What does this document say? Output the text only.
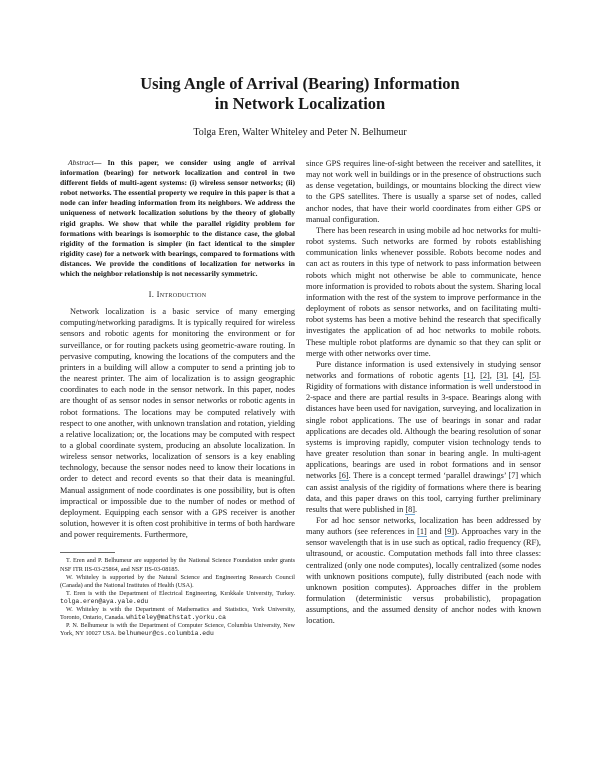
Using Angle of Arrival (Bearing) Information
in Network Localization
Tolga Eren, Walter Whiteley and Peter N. Belhumeur

Abstract— In this paper, we consider using angle of arrival information (bearing) for network localization and control in two different fields of multi-agent systems: (i) wireless sensor networks; (ii) robot networks. The essential property we require in this paper is that a node can infer heading information from its neighbors. We address the uniqueness of network localization solutions by the theory of globally rigid graphs. We show that while the parallel rigidity problem for formations with bearings is isomorphic to the distance case, the global rigidity of the formation is simpler (in fact identical to the simpler rigidity case) for a network with bearings, compared to formations with distances. We provide the conditions of localization for networks in which the neighbor relationship is not necessarily symmetric.

I. Introduction

Network localization is a basic service of many emerging computing/networking paradigms. It is typically required for wireless sensors and robotic agents for monitoring the environment or for surveillance, or for routing packets using geometric-aware routing. In pervasive computing, knowing the locations of the computers and the printers in a building will allow a computer to send a printing job to the nearest printer. The aim of localization is to assign geographic coordinates to each node in the sensor network. In this paper, nodes are thought of as sensor nodes in sensor networks or robotic agents in robot formations. The locations may be computed relatively with respect to one another, with unknown translation and rotation, yielding a relative localization; or, the locations may be computed with respect to a global coordinate system, producing an absolute localization. In wireless sensor networks, localization of sensors is a key enabling technology, because the sensor nodes need to know their locations in order to detect and record events so that their data is meaningful. Manual assignment of node coordinates is one possibility, but is often impractical or impossible due to the number of nodes or method of deployment. Equipping each sensor with a GPS receiver is another solution, however it is often cost prohibitive in terms of both hardware and power requirements. Furthermore,

T. Eren and P. Belhumeur are supported by the National Science Foundation under grants NSF ITR IIS-03-25864, and NSF IIS-03-08185.

W. Whiteley is supported by the Natural Science and Engineering Research Council (Canada) and the National Institutes of Health (USA).

T. Eren is with the Department of Electrical Engineering, Kırıkkale University, Turkey. tolga.eren@aya.yale.edu

W. Whiteley is with the Department of Mathematics and Statistics, York University, Toronto, Ontario, Canada. whiteley@mathstat.yorku.ca

P. N. Belhumeur is with the Department of Computer Science, Columbia University, New York, NY 10027 USA. belhumeur@cs.columbia.edu

since GPS requires line-of-sight between the receiver and satellites, it may not work well in buildings or in the presence of obstructions such as dense vegetation, buildings, or mountains blocking the direct view to the GPS satellites. There is usually a sparse set of nodes, called anchor nodes, that have their world coordinates from either GPS or manual configuration.

There has been research in using mobile ad hoc networks for multi-robot systems. Such networks are formed by robots establishing communication links whenever possible. Robots become nodes and can act as routers in this type of network to pass information between robots which might not otherwise be able to communicate, hence more information is provided to robots about the system. Sharing local information with the rest of the system to improve performance in the deployment of robots as sensor networks, and on facilitating multi-robot systems has been a motive behind the research that specifically investigates the application of ad hoc networks to mobile robots. These multiple robot platforms are dynamic so that they can split or merge with other networks over time.

Pure distance information is used extensively in studying sensor networks and formations of robotic agents [1], [2], [3], [4], [5]. Rigidity of formations with distance information is well understood in 2-space and there are partial results in 3-space. Bearings along with distances have been used for navigation, surveying, and localization in single robot applications. The use of bearings in sonar and radar applications are decades old. Although the bearing resolution of sonar systems is improving rapidly, computer vision technology tends to have greater resolution than sonar in bearing angle. In multi-agent applications, bearings are used in robot formations and in sensor networks [6]. There is a concept termed ‘parallel drawings’ [7] which can assist analysis of the rigidity of formations where there is bearing data, and this paper draws on this tool, carrying further preliminary results that were published in [8].

For ad hoc sensor networks, localization has been addressed by many authors (see references in [1] and [9]). Approaches vary in the sensor wavelength that is in use such as optical, radio frequency (RF), ultrasound, or acoustic. Computation methods fall into three classes: centralized (only one node computes), locally centralized (some nodes with unknown positions compute), fully distributed (each node with unknown position computes). Approaches differ in the problem formulation (deterministic versus probabilistic), propagation assumptions, and the assumed density of anchor nodes with known location.
